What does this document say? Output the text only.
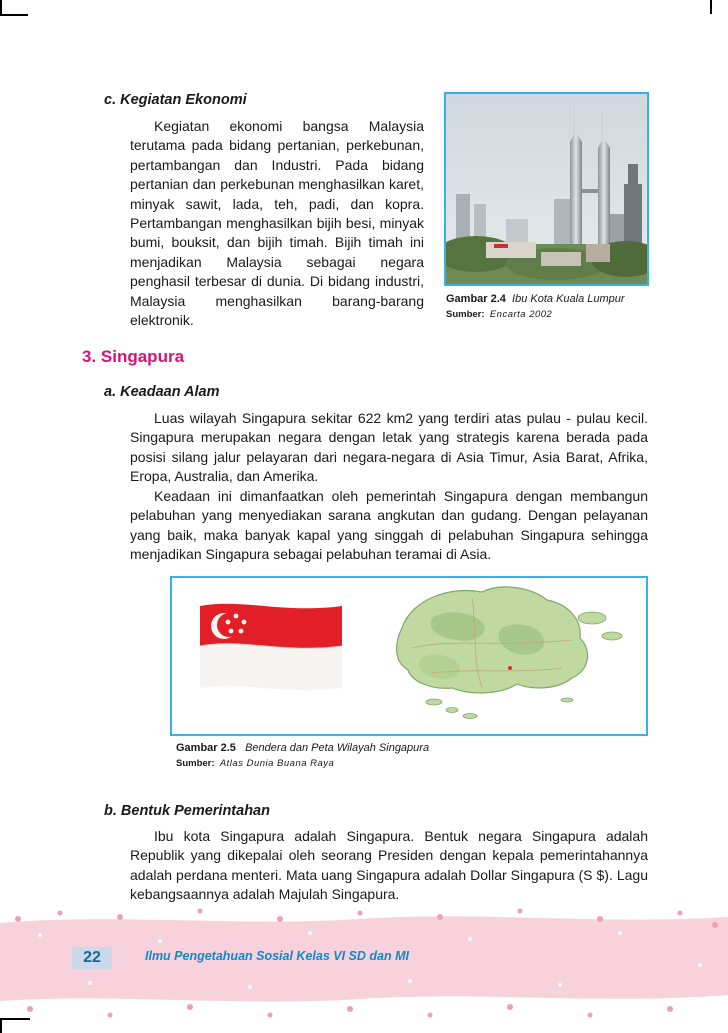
c. Kegiatan Ekonomi

Kegiatan ekonomi bangsa Malaysia terutama pada bidang pertanian, perkebunan, pertambangan dan Industri. Pada bidang pertanian dan perkebunan menghasilkan karet, minyak sawit, lada, teh, padi, dan kopra. Pertambangan menghasilkan bijih besi, minyak bumi, bouksit, dan bijih timah. Bijih timah ini menjadikan Malaysia sebagai negara penghasil terbesar di dunia. Di bidang industri, Malaysia menghasilkan barang-barang elektronik.

Gambar 2.4 Ibu Kota Kuala Lumpur
Sumber: Encarta 2002
3. Singapura
a. Keadaan Alam

Luas wilayah Singapura sekitar 622 km2 yang terdiri atas pulau - pulau kecil. Singapura merupakan negara dengan letak yang strategis karena berada pada posisi silang jalur pelayaran dari negara-negara di Asia Timur, Asia Barat, Afrika, Eropa, Australia, dan Amerika.

Keadaan ini dimanfaatkan oleh pemerintah Singapura dengan membangun pelabuhan yang menyediakan sarana angkutan dan gudang. Dengan pelayanan yang baik, maka banyak kapal yang singgah di pelabuhan Singapura sehingga menjadikan Singapura sebagai pelabuhan teramai di Asia.

Gambar 2.5 Bendera dan Peta Wilayah Singapura
Sumber: Atlas Dunia Buana Raya
b. Bentuk Pemerintahan

Ibu kota Singapura adalah Singapura. Bentuk negara Singapura adalah Republik yang dikepalai oleh seorang Presiden dengan kepala pemerintahannya adalah perdana menteri. Mata uang Singapura adalah Dollar Singapura (S $). Lagu kebangsaannya adalah Majulah Singapura.

22	Ilmu Pengetahuan Sosial Kelas VI SD dan MI
